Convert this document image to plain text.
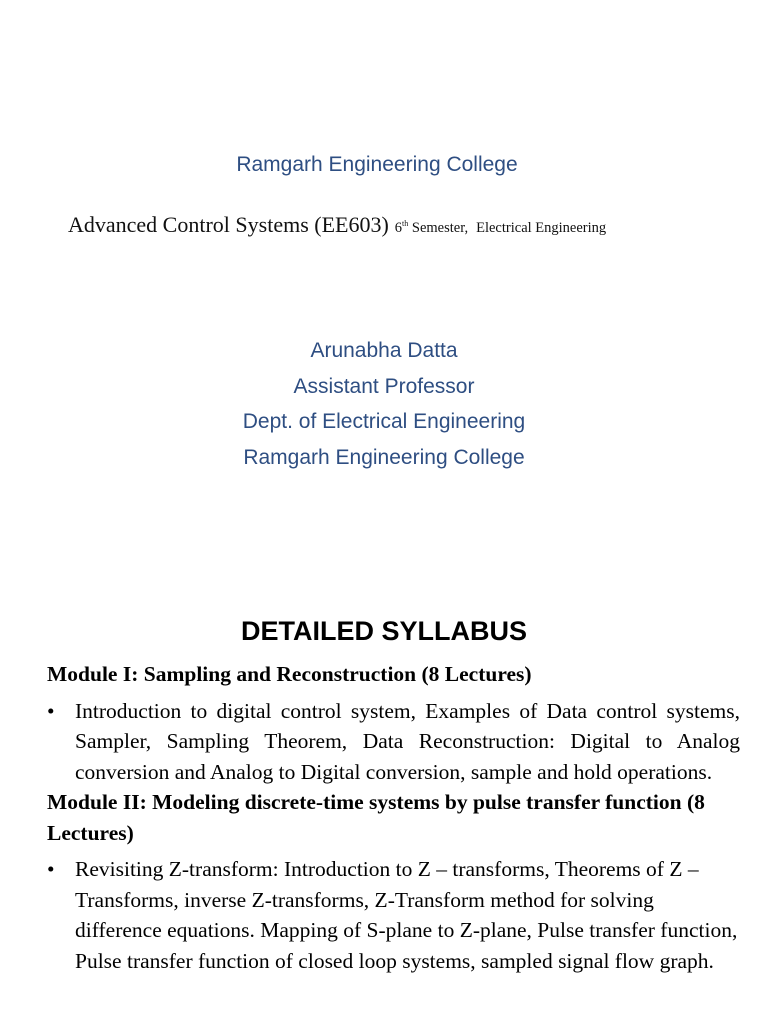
Ramgarh Engineering College
Advanced Control Systems (EE603) 6th Semester, Electrical Engineering
Arunabha Datta
Assistant Professor
Dept. of Electrical Engineering
Ramgarh Engineering College
DETAILED SYLLABUS
Module I: Sampling and Reconstruction (8 Lectures)
• Introduction to digital control system, Examples of Data control systems, Sampler, Sampling Theorem, Data Reconstruction: Digital to Analog conversion and Analog to Digital conversion, sample and hold operations.
Module II: Modeling discrete-time systems by pulse transfer function (8 Lectures)
• Revisiting Z-transform: Introduction to Z – transforms, Theorems of Z – Transforms, inverse Z-transforms, Z-Transform method for solving difference equations. Mapping of S-plane to Z-plane, Pulse transfer function, Pulse transfer function of closed loop systems, sampled signal flow graph.
